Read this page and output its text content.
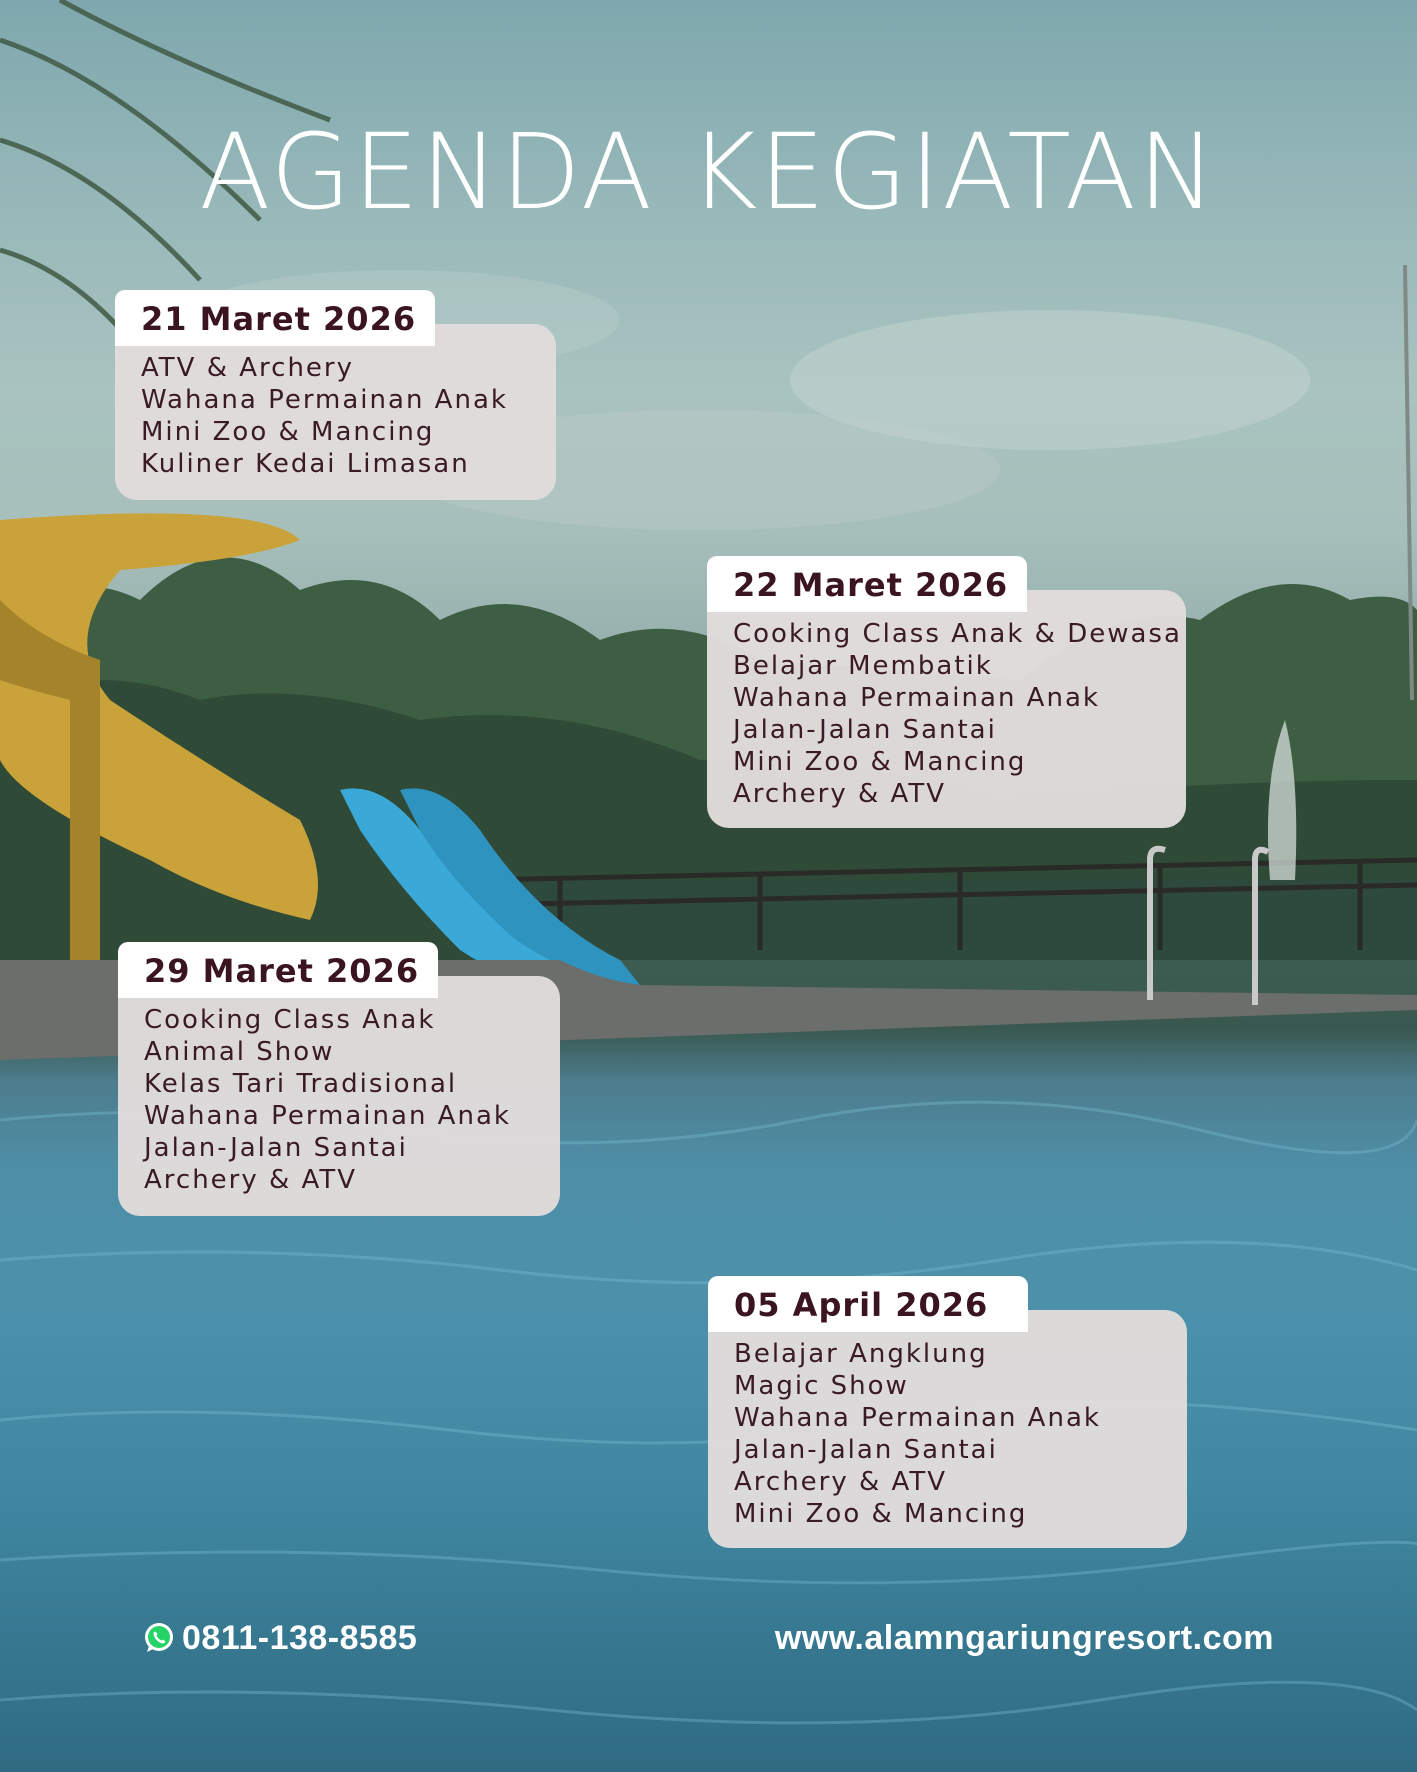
AGENDA KEGIATAN
ATV & Archery
Wahana Permainan Anak
Mini Zoo & Mancing
Kuliner Kedai Limasan
21 Maret 2026
Cooking Class Anak & Dewasa
Belajar Membatik
Wahana Permainan Anak
Jalan-Jalan Santai
Mini Zoo & Mancing
Archery & ATV
22 Maret 2026
Cooking Class Anak
Animal Show
Kelas Tari Tradisional
Wahana Permainan Anak
Jalan-Jalan Santai
Archery & ATV
29 Maret 2026
Belajar Angklung
Magic Show
Wahana Permainan Anak
Jalan-Jalan Santai
Archery & ATV
Mini Zoo & Mancing
05 April 2026
0811-138-8585	www.alamngariungresort.com
